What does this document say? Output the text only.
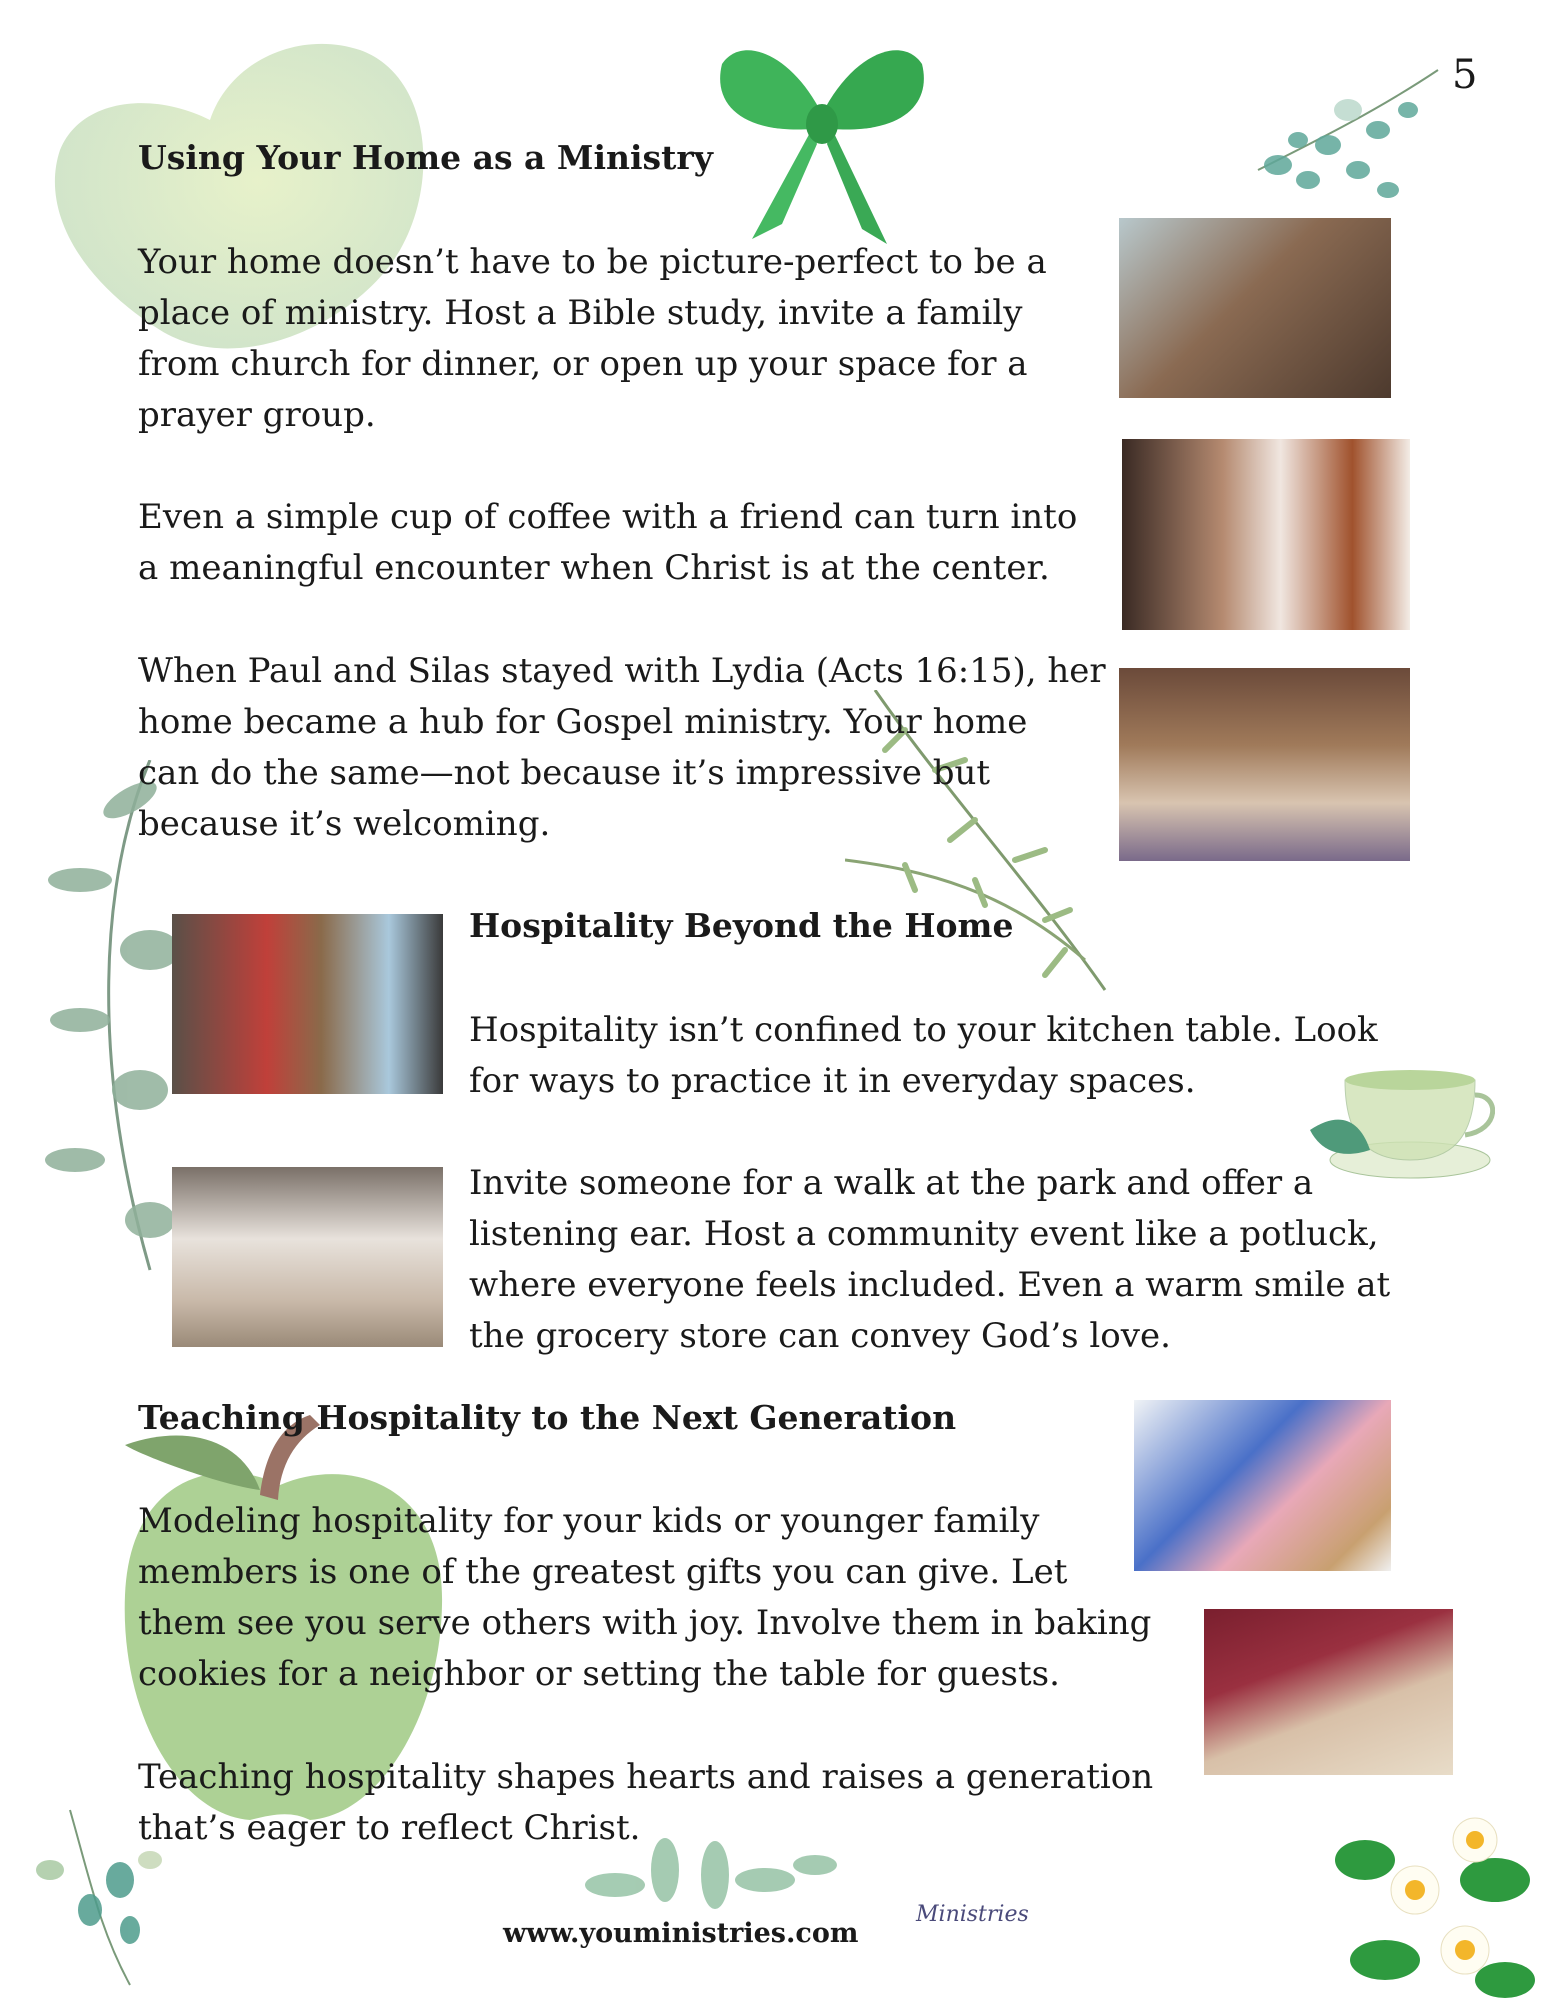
5
Using Your Home as a Ministry
Your home doesn’t have to be picture-perfect to be a
place of ministry. Host a Bible study, invite a family
from church for dinner, or open up your space for a
prayer group.
Even a simple cup of coffee with a friend can turn into
a meaningful encounter when Christ is at the center.
When Paul and Silas stayed with Lydia (Acts 16:15), her
home became a hub for Gospel ministry. Your home
can do the same—not because it’s impressive but
because it’s welcoming.
Hospitality Beyond the Home
Hospitality isn’t confined to your kitchen table. Look
for ways to practice it in everyday spaces.
Invite someone for a walk at the park and offer a
listening ear. Host a community event like a potluck,
where everyone feels included. Even a warm smile at
the grocery store can convey God’s love.
Teaching Hospitality to the Next Generation
Modeling hospitality for your kids or younger family
members is one of the greatest gifts you can give. Let
them see you serve others with joy. Involve them in baking
cookies for a neighbor or setting the table for guests.
Teaching hospitality shapes hearts and raises a generation
that’s eager to reflect Christ.
www.youministries.com
Ministries
